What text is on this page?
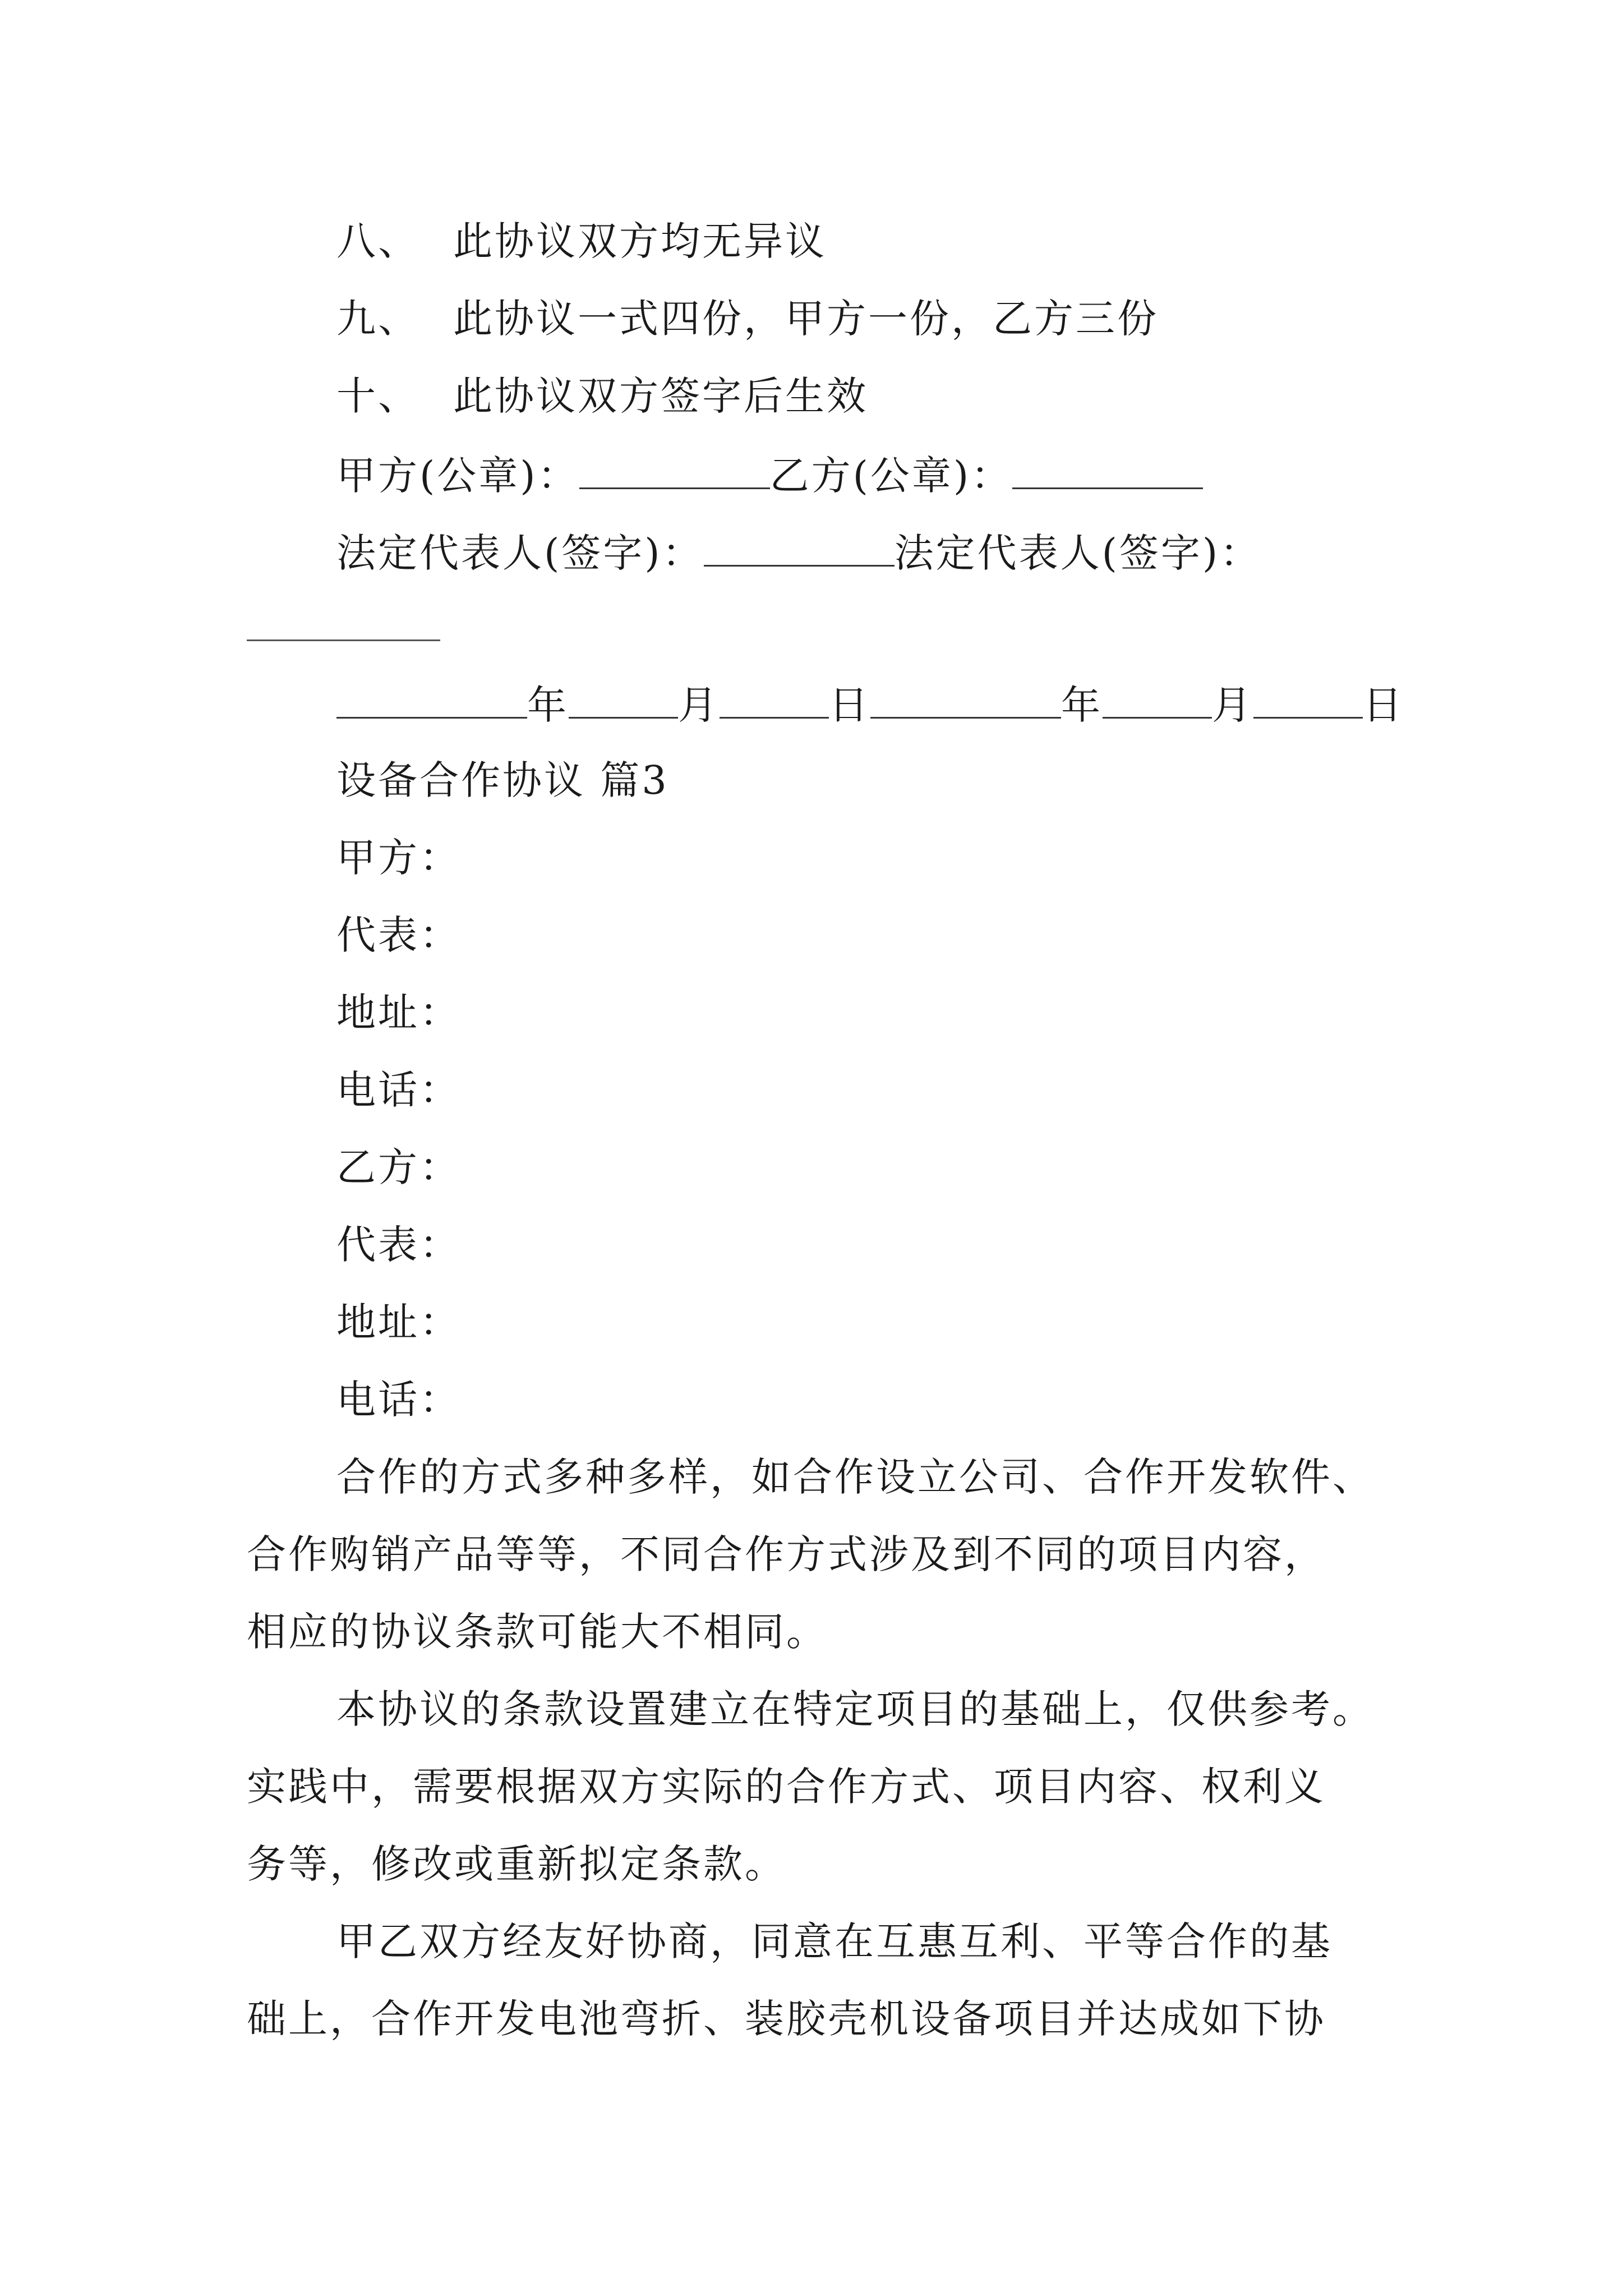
八、 此协议双方均无异议
九、 此协议一式四份，甲方一份，乙方三份
十、 此协议双方签字后生效
甲方(公章)：	乙方(公章)：
法定代表人(签字)：	法定代表人(签字)：
年	月	日	年	月	日
设备合作协议 篇3
甲方：
代表：
地址：
电话：
乙方：
代表：
地址：
电话：
合作的方式多种多样，如合作设立公司、合作开发软件、
合作购销产品等等，不同合作方式涉及到不同的项目内容，
相应的协议条款可能大不相同。
本协议的条款设置建立在特定项目的基础上，仅供参考。
实践中，需要根据双方实际的合作方式、项目内容、权利义
务等，修改或重新拟定条款。
甲乙双方经友好协商，同意在互惠互利、平等合作的基
础上，合作开发电池弯折、装胶壳机设备项目并达成如下协
